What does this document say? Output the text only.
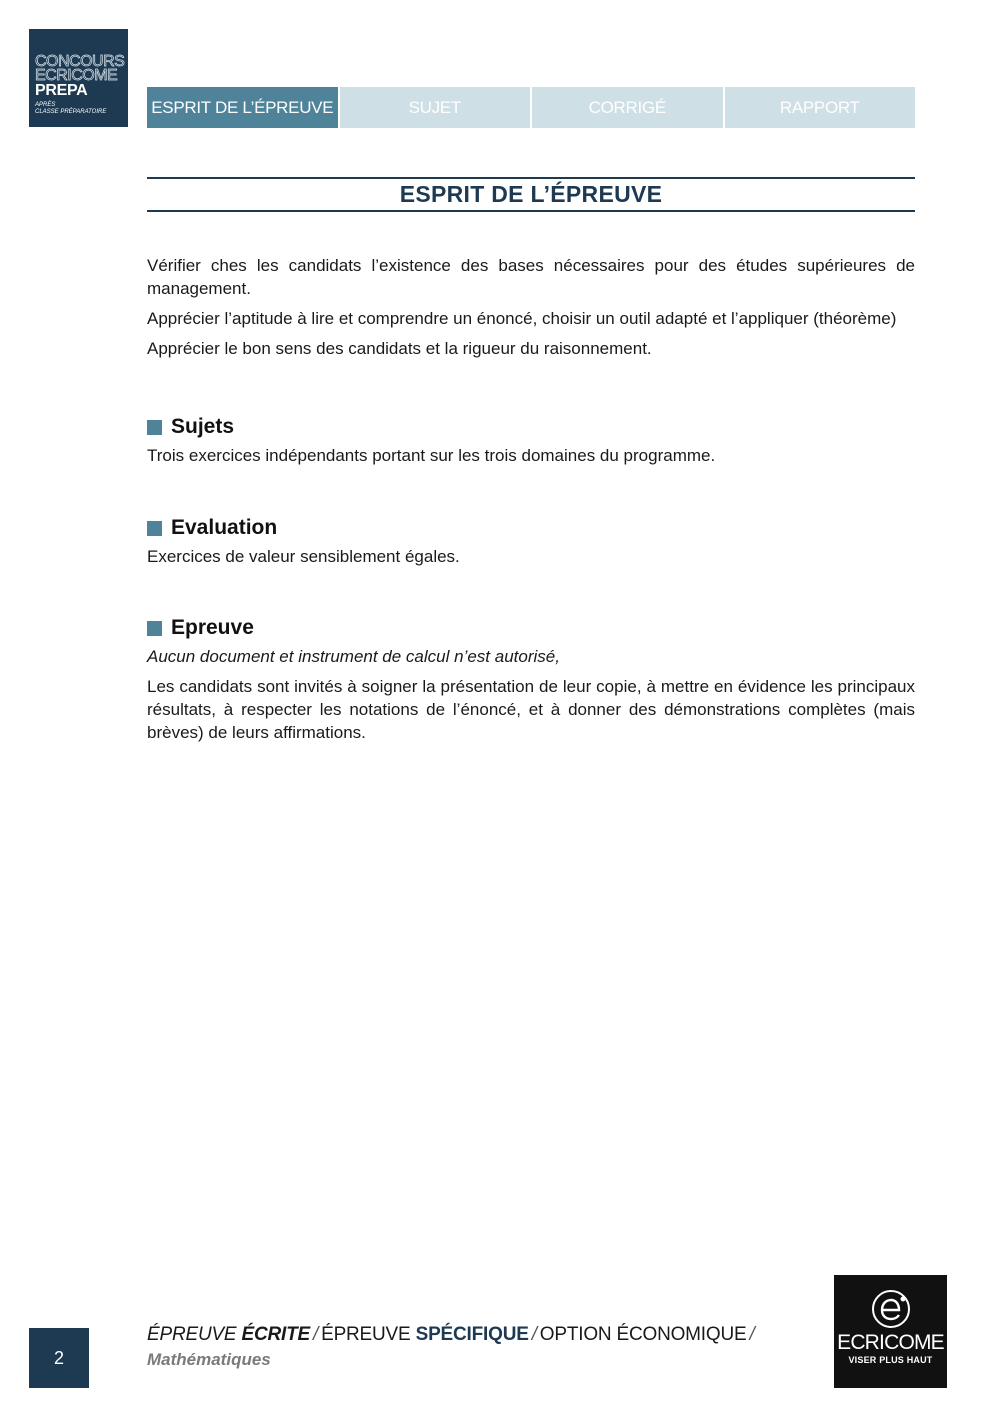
CONCOURS
ECRICOME
PREPA
APRÈS
CLASSE PRÉPARATOIRE	ESPRIT DE L’ÉPREUVE	SUJET	CORRIGÉ	RAPPORT
ESPRIT DE L’ÉPREUVE

Vérifier ches les candidats l’existence des bases nécessaires pour des études supérieures de management.

Apprécier l’aptitude à lire et comprendre un énoncé, choisir un outil adapté et l’appliquer (théorème)

Apprécier le bon sens des candidats et la rigueur du raisonnement.

Sujets

Trois exercices indépendants portant sur les trois domaines du programme.

Evaluation

Exercices de valeur sensiblement égales.

Epreuve

Aucun document et instrument de calcul n’est autorisé,

Les candidats sont invités à soigner la présentation de leur copie, à mettre en évidence les principaux résultats, à respecter les notations de l’énoncé, et à donner des démonstrations complètes (mais brèves) de leurs affirmations.

2
ÉPREUVE ÉCRITE / ÉPREUVE SPÉCIFIQUE / OPTION ÉCONOMIQUE /
Mathématiques
ECRICOME
VISER PLUS HAUT
